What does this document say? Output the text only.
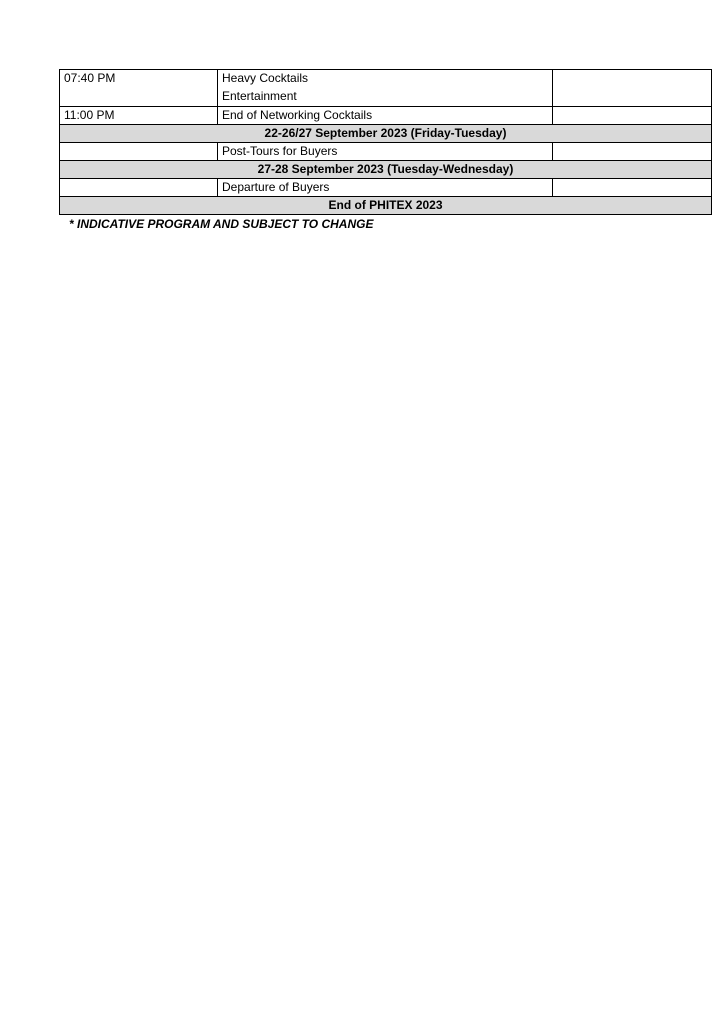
07:40 PM	Heavy Cocktails
Entertainment	

11:00 PM	End of Networking Cocktails	
22-26/27 September 2023 (Friday-Tuesday)		
	Post-Tours for Buyers	
27-28 September 2023 (Tuesday-Wednesday)		
	Departure of Buyers	
End of PHITEX 2023		
* INDICATIVE PROGRAM AND SUBJECT TO CHANGE
